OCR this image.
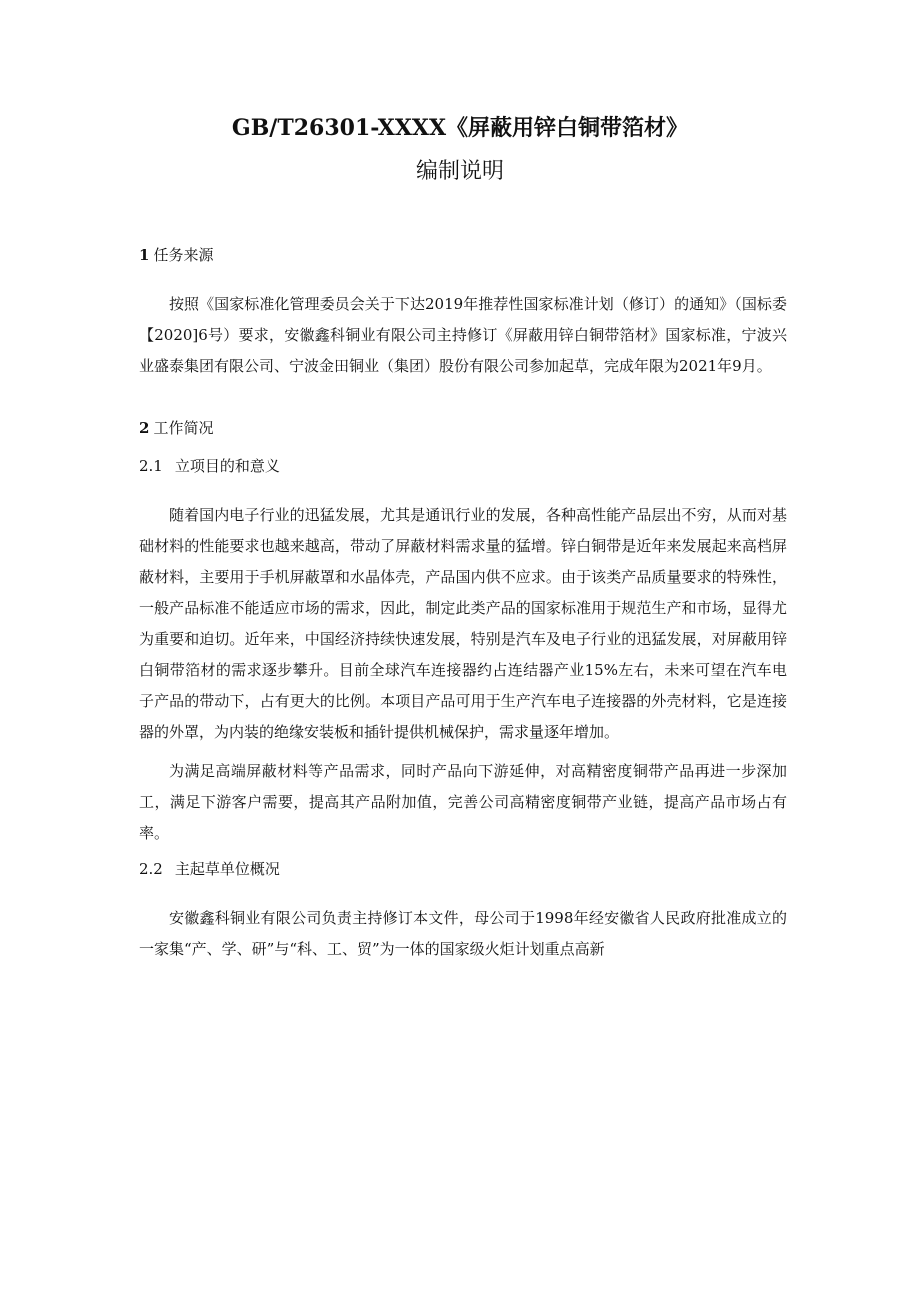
GB/T26301-XXXX《屏蔽用锌白铜带箔材》
编制说明
1 任务来源

按照《国家标准化管理委员会关于下达2019年推荐性国家标准计划（修订）的通知》（国标委【2020]6号）要求，安徽鑫科铜业有限公司主持修订《屏蔽用锌白铜带箔材》国家标准，宁波兴业盛泰集团有限公司、宁波金田铜业（集团）股份有限公司参加起草，完成年限为2021年9月。

2 工作简况
2.1 立项目的和意义

随着国内电子行业的迅猛发展，尤其是通讯行业的发展，各种高性能产品层出不穷，从而对基础材料的性能要求也越来越高，带动了屏蔽材料需求量的猛增。锌白铜带是近年来发展起来高档屏蔽材料，主要用于手机屏蔽罩和水晶体壳，产品国内供不应求。由于该类产品质量要求的特殊性，一般产品标准不能适应市场的需求，因此，制定此类产品的国家标准用于规范生产和市场，显得尤为重要和迫切。近年来，中国经济持续快速发展，特别是汽车及电子行业的迅猛发展，对屏蔽用锌白铜带箔材的需求逐步攀升。目前全球汽车连接器约占连结器产业15%左右，未来可望在汽车电子产品的带动下，占有更大的比例。本项目产品可用于生产汽车电子连接器的外壳材料，它是连接器的外罩，为内装的绝缘安装板和插针提供机械保护，需求量逐年增加。

为满足高端屏蔽材料等产品需求，同时产品向下游延伸，对高精密度铜带产品再进一步深加工，满足下游客户需要，提高其产品附加值，完善公司高精密度铜带产业链，提高产品市场占有率。

2.2 主起草单位概况

安徽鑫科铜业有限公司负责主持修订本文件，母公司于1998年经安徽省人民政府批准成立的一家集“产、学、研”与“科、工、贸”为一体的国家级火炬计划重点高新
